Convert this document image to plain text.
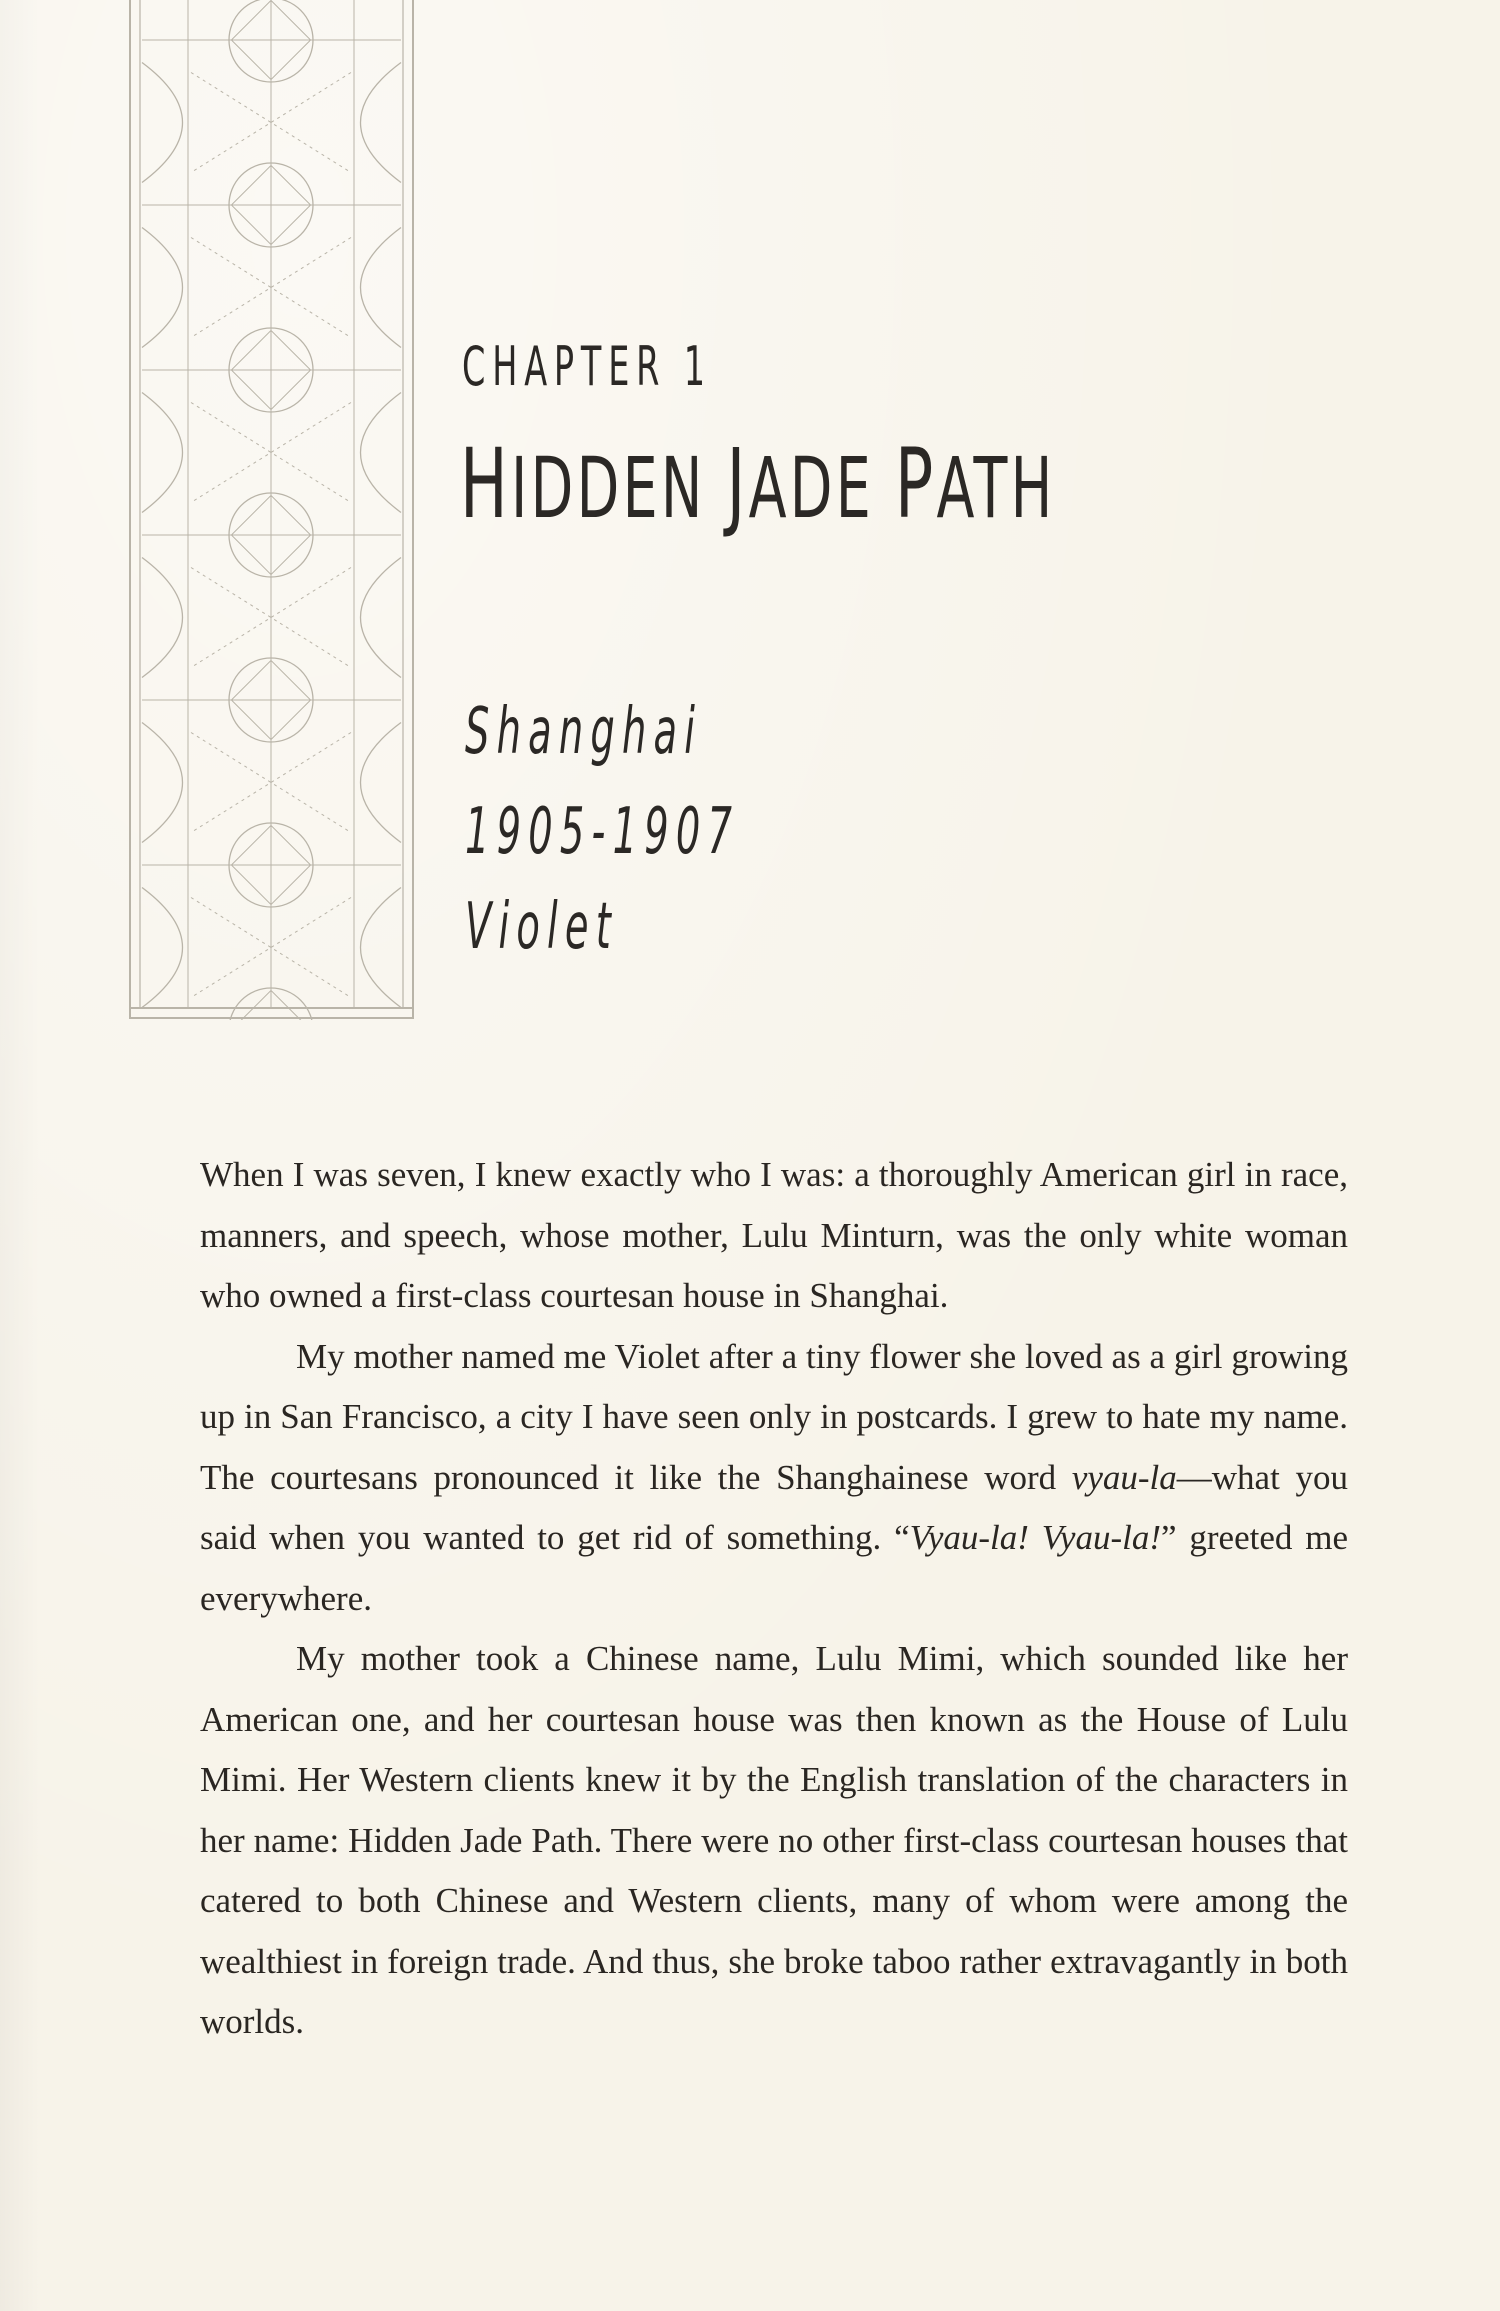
CHAPTER 1
HIDDEN JADE PATH
Shanghai
1905-1907
Violet

When I was seven, I knew exactly who I was: a thoroughly American girl in race, manners, and speech, whose mother, Lulu Minturn, was the only white woman who owned a first-class courtesan house in Shanghai.

My mother named me Violet after a tiny flower she loved as a girl growing up in San Francisco, a city I have seen only in postcards. I grew to hate my name. The courtesans pronounced it like the Shanghainese word vyau-la—what you said when you wanted to get rid of something. “Vyau-la! Vyau-la!” greeted me everywhere.

My mother took a Chinese name, Lulu Mimi, which sounded like her American one, and her courtesan house was then known as the House of Lulu Mimi. Her Western clients knew it by the English translation of the characters in her name: Hidden Jade Path. There were no other first-class courtesan houses that catered to both Chinese and Western clients, many of whom were among the wealthiest in foreign trade. And thus, she broke taboo rather extravagantly in both worlds.
